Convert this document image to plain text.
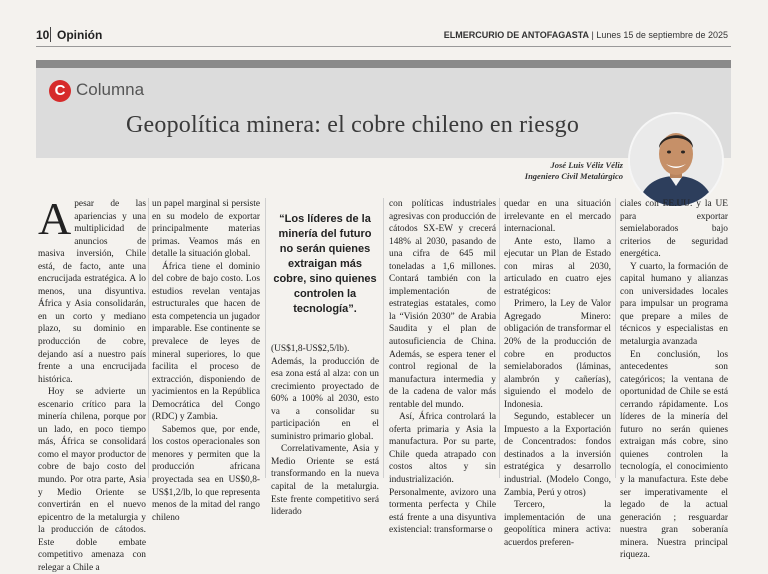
10 Opinión	ELMERCURIO DE ANTOFAGASTA | Lunes 15 de septiembre de 2025
C Columna
Geopolítica minera: el cobre chileno en riesgo
José Luis Véliz Véliz
Ingeniero Civil Metalúrgico

Apesar de las apariencias y una multiplicidad de anuncios de masiva inversión, Chile está, de facto, ante una encrucijada estratégica. A lo menos, una disyuntiva. África y Asia consolidarán, en un corto y mediano plazo, su dominio en producción de cobre, dejando así a nuestro país frente a una encrucijada histórica.

Hoy se advierte un escenario crítico para la minería chilena, porque por un lado, en poco tiempo más, África se consolidará como el mayor productor de cobre de bajo costo del mundo. Por otra parte, Asia y Medio Oriente se convertirán en el nuevo epicentro de la metalurgia y la producción de cátodos. Este doble embate competitivo amenaza con relegar a Chile a

un papel marginal si persiste en su modelo de exportar principalmente materias primas. Veamos más en detalle la situación global.

África tiene el dominio del cobre de bajo costo. Los estudios revelan ventajas estructurales que hacen de esta competencia un jugador imparable. Ese continente se prevalece de leyes de mineral superiores, lo que facilita el proceso de extracción, disponiendo de yacimientos en la República Democrática del Congo (RDC) y Zambia.

Sabemos que, por ende, los costos operacionales son menores y permiten que la producción africana proyectada sea en US$0,8-US$1,2/lb, lo que representa menos de la mitad del rango chileno

“Los líderes de la minería del futuro no serán quienes extraigan más cobre, sino quienes controlen la tecnología”.

(US$1,8-US$2,5/lb). Además, la producción de esa zona está al alza: con un crecimiento proyectado de 60% a 100% al 2030, esto va a consolidar su participación en el suministro primario global.

Correlativamente, Asia y Medio Oriente se está transformando en la nueva capital de la metalurgia. Este frente competitivo será liderado

con políticas industriales agresivas con producción de cátodos SX-EW y crecerá 148% al 2030, pasando de una cifra de 645 mil toneladas a 1,6 millones. Contará también con la implementación de estrategias estatales, como la “Visión 2030” de Arabia Saudita y el plan de autosuficiencia de China. Además, se espera tener el control regional de la manufactura intermedia y de la cadena de valor más rentable del mundo.

Así, África controlará la oferta primaria y Asia la manufactura. Por su parte, Chile queda atrapado con costos altos y sin industrialización. Personalmente, avizoro una tormenta perfecta y Chile está frente a una disyuntiva existencial: transformarse o

quedar en una situación irrelevante en el mercado internacional.

Ante esto, llamo a ejecutar un Plan de Estado con miras al 2030, articulado en cuatro ejes estratégicos:

Primero, la Ley de Valor Agregado Minero: obligación de transformar el 20% de la producción de cobre en productos semielaborados (láminas, alambrón y cañerías), siguiendo el modelo de Indonesia.

Segundo, establecer un Impuesto a la Exportación de Concentrados: fondos destinados a la inversión estratégica y desarrollo industrial. (Modelo Congo, Zambia, Perú y otros)

Tercero, la implementación de una geopolítica minera activa: acuerdos preferen-

ciales con EE.UU. y la UE para exportar semielaborados bajo criterios de seguridad energética.

Y cuarto, la formación de capital humano y alianzas con universidades locales para impulsar un programa que prepare a miles de técnicos y especialistas en metalurgia avanzada

En conclusión, los antecedentes son categóricos; la ventana de oportunidad de Chile se está cerrando rápidamente. Los líderes de la minería del futuro no serán quienes extraigan más cobre, sino quienes controlen la tecnología, el conocimiento y la manufactura. Este debe ser imperativamente el legado de la actual generación ; resguardar nuestra gran soberanía minera. Nuestra principal riqueza.
